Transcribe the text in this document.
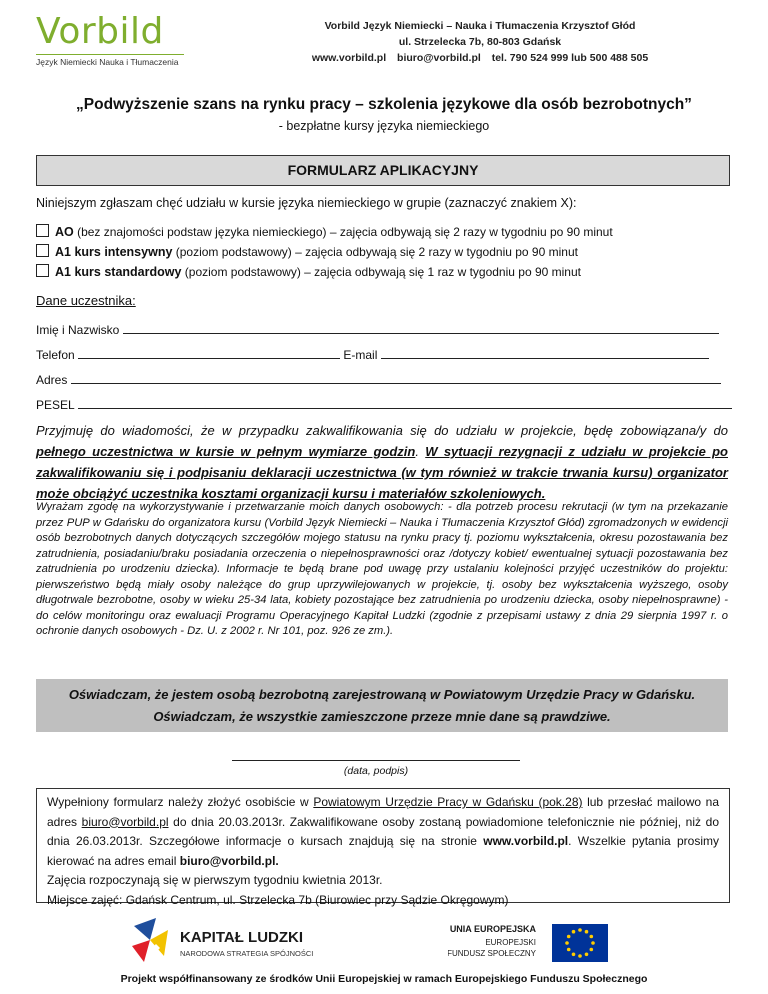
Vorbild
Język Niemiecki Nauka i Tłumaczenia
Vorbild Język Niemiecki – Nauka i Tłumaczenia Krzysztof Głód
ul. Strzelecka 7b, 80-803 Gdańsk
www.vorbild.pl biuro@vorbild.pl tel. 790 524 999 lub 500 488 505
„Podwyższenie szans na rynku pracy – szkolenia językowe dla osób bezrobotnych”
- bezpłatne kursy języka niemieckiego
FORMULARZ APLIKACYJNY
Niniejszym zgłaszam chęć udziału w kursie języka niemieckiego w grupie (zaznaczyć znakiem X):
AO (bez znajomości podstaw języka niemieckiego) – zajęcia odbywają się 2 razy w tygodniu po 90 minut
A1 kurs intensywny (poziom podstawowy) – zajęcia odbywają się 2 razy w tygodniu po 90 minut
A1 kurs standardowy (poziom podstawowy) – zajęcia odbywają się 1 raz w tygodniu po 90 minut
Dane uczestnika:
Imię i Nazwisko
Telefon	E-mail
Adres
PESEL
Przyjmuję do wiadomości, że w przypadku zakwalifikowania się do udziału w projekcie, będę zobowiązana/y do pełnego uczestnictwa w kursie w pełnym wymiarze godzin. W sytuacji rezygnacji z udziału w projekcie po zakwalifikowaniu się i podpisaniu deklaracji uczestnictwa (w tym również w trakcie trwania kursu) organizator może obciążyć uczestnika kosztami organizacji kursu i materiałów szkoleniowych.
Wyrażam zgodę na wykorzystywanie i przetwarzanie moich danych osobowych: - dla potrzeb procesu rekrutacji (w tym na przekazanie przez PUP w Gdańsku do organizatora kursu (Vorbild Język Niemiecki – Nauka i Tłumaczenia Krzysztof Głód) zgromadzonych w ewidencji osób bezrobotnych danych dotyczących szczegółów mojego statusu na rynku pracy tj. poziomu wykształcenia, okresu pozostawania bez zatrudnienia, posiadaniu/braku posiadania orzeczenia o niepełnosprawności oraz /dotyczy kobiet/ ewentualnej sytuacji pozostawania bez zatrudnienia po urodzeniu dziecka). Informacje te będą brane pod uwagę przy ustalaniu kolejności przyjęć uczestników do projektu: pierwszeństwo będą miały osoby należące do grup uprzywilejowanych w projekcie, tj. osoby bez wykształcenia wyższego, osoby długotrwale bezrobotne, osoby w wieku 25-34 lata, kobiety pozostające bez zatrudnienia po urodzeniu dziecka, osoby niepełnosprawne) - do celów monitoringu oraz ewaluacji Programu Operacyjnego Kapitał Ludzki (zgodnie z przepisami ustawy z dnia 29 sierpnia 1997 r. o ochronie danych osobowych - Dz. U. z 2002 r. Nr 101, poz. 926 ze zm.).
Oświadczam, że jestem osobą bezrobotną zarejestrowaną w Powiatowym Urzędzie Pracy w Gdańsku.
Oświadczam, że wszystkie zamieszczone przeze mnie dane są prawdziwe.
(data, podpis)
Wypełniony formularz należy złożyć osobiście w Powiatowym Urzędzie Pracy w Gdańsku (pok.28) lub przesłać mailowo na adres biuro@vorbild.pl do dnia 20.03.2013r. Zakwalifikowane osoby zostaną powiadomione telefonicznie nie później, niż do dnia 26.03.2013r. Szczegółowe informacje o kursach znajdują się na stronie www.vorbild.pl. Wszelkie pytania prosimy kierować na adres email biuro@vorbild.pl.
Zajęcia rozpoczynają się w pierwszym tygodniu kwietnia 2013r.
Miejsce zajęć: Gdańsk Centrum, ul. Strzelecka 7b (Biurowiec przy Sądzie Okręgowym)
KAPITAŁ LUDZKI
NARODOWA STRATEGIA SPÓJNOŚCI
UNIA EUROPEJSKA
EUROPEJSKI
FUNDUSZ SPOŁECZNY
Projekt współfinansowany ze środków Unii Europejskiej w ramach Europejskiego Funduszu Społecznego
